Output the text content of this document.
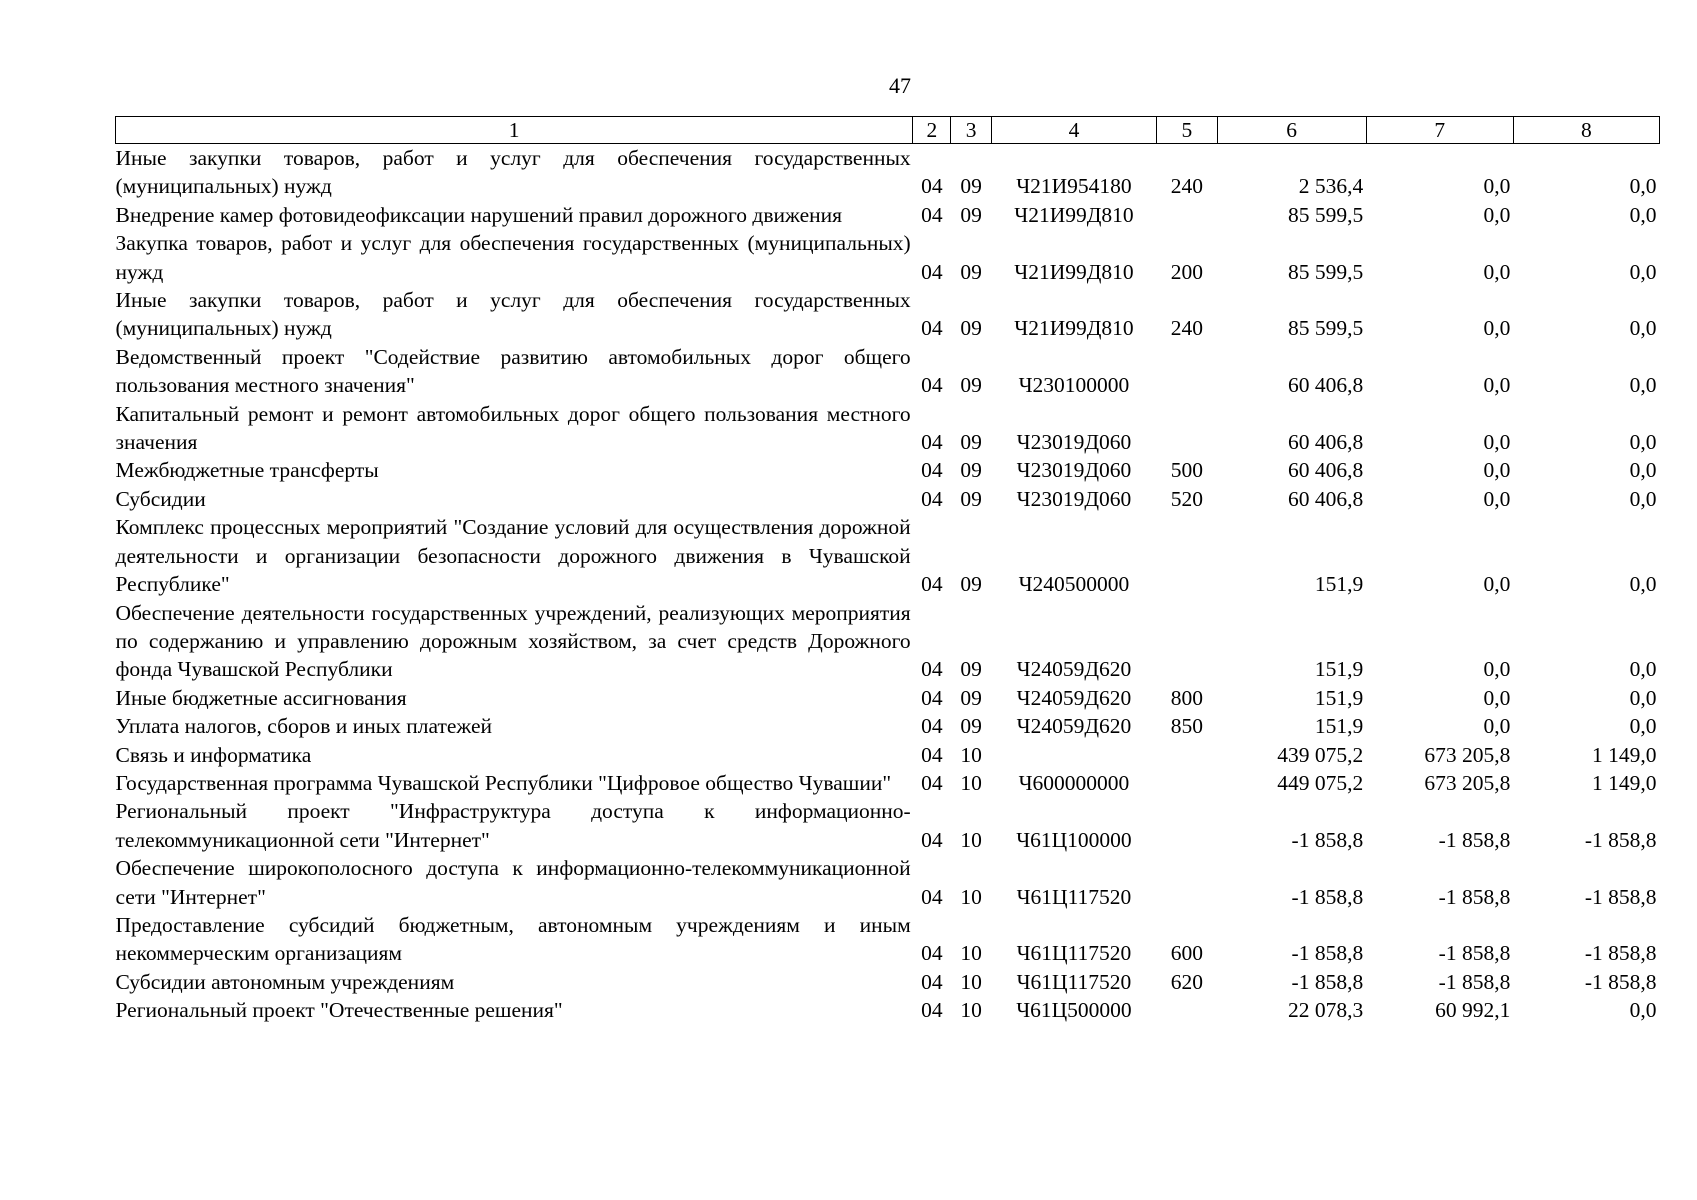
47
1	2	3	4	5	6	7	8
Иные закупки товаров, работ и услуг для обеспечения государственных (муниципальных) нужд	04	09	Ч21И954180	240	2 536,4	0,0	0,0
Внедрение камер фотовидеофиксации нарушений правил дорожного движения	04	09	Ч21И99Д810		85 599,5	0,0	0,0
Закупка товаров, работ и услуг для обеспечения государственных (муниципальных) нужд	04	09	Ч21И99Д810	200	85 599,5	0,0	0,0
Иные закупки товаров, работ и услуг для обеспечения государственных (муниципальных) нужд	04	09	Ч21И99Д810	240	85 599,5	0,0	0,0
Ведомственный проект "Содействие развитию автомобильных дорог общего пользования местного значения"	04	09	Ч230100000		60 406,8	0,0	0,0
Капитальный ремонт и ремонт автомобильных дорог общего пользования местного значения	04	09	Ч23019Д060		60 406,8	0,0	0,0
Межбюджетные трансферты	04	09	Ч23019Д060	500	60 406,8	0,0	0,0
Субсидии	04	09	Ч23019Д060	520	60 406,8	0,0	0,0
Комплекс процессных мероприятий "Создание условий для осуществления дорожной деятельности и организации безопасности дорожного движения в Чувашской Республике"	04	09	Ч240500000		151,9	0,0	0,0
Обеспечение деятельности государственных учреждений, реализующих мероприятия по содержанию и управлению дорожным хозяйством, за счет средств Дорожного фонда Чувашской Республики	04	09	Ч24059Д620		151,9	0,0	0,0
Иные бюджетные ассигнования	04	09	Ч24059Д620	800	151,9	0,0	0,0
Уплата налогов, сборов и иных платежей	04	09	Ч24059Д620	850	151,9	0,0	0,0
Связь и информатика	04	10			439 075,2	673 205,8	1 149,0
Государственная программа Чувашской Республики "Цифровое общество Чувашии"	04	10	Ч600000000		449 075,2	673 205,8	1 149,0
Региональный проект "Инфраструктура доступа к информационно-телекоммуникационной сети "Интернет"	04	10	Ч61Ц100000		-1 858,8	-1 858,8	-1 858,8
Обеспечение широкополосного доступа к информационно-телекоммуникационной сети "Интернет"	04	10	Ч61Ц117520		-1 858,8	-1 858,8	-1 858,8
Предоставление субсидий бюджетным, автономным учреждениям и иным некоммерческим организациям	04	10	Ч61Ц117520	600	-1 858,8	-1 858,8	-1 858,8
Субсидии автономным учреждениям	04	10	Ч61Ц117520	620	-1 858,8	-1 858,8	-1 858,8
Региональный проект "Отечественные решения"	04	10	Ч61Ц500000		22 078,3	60 992,1	0,0
